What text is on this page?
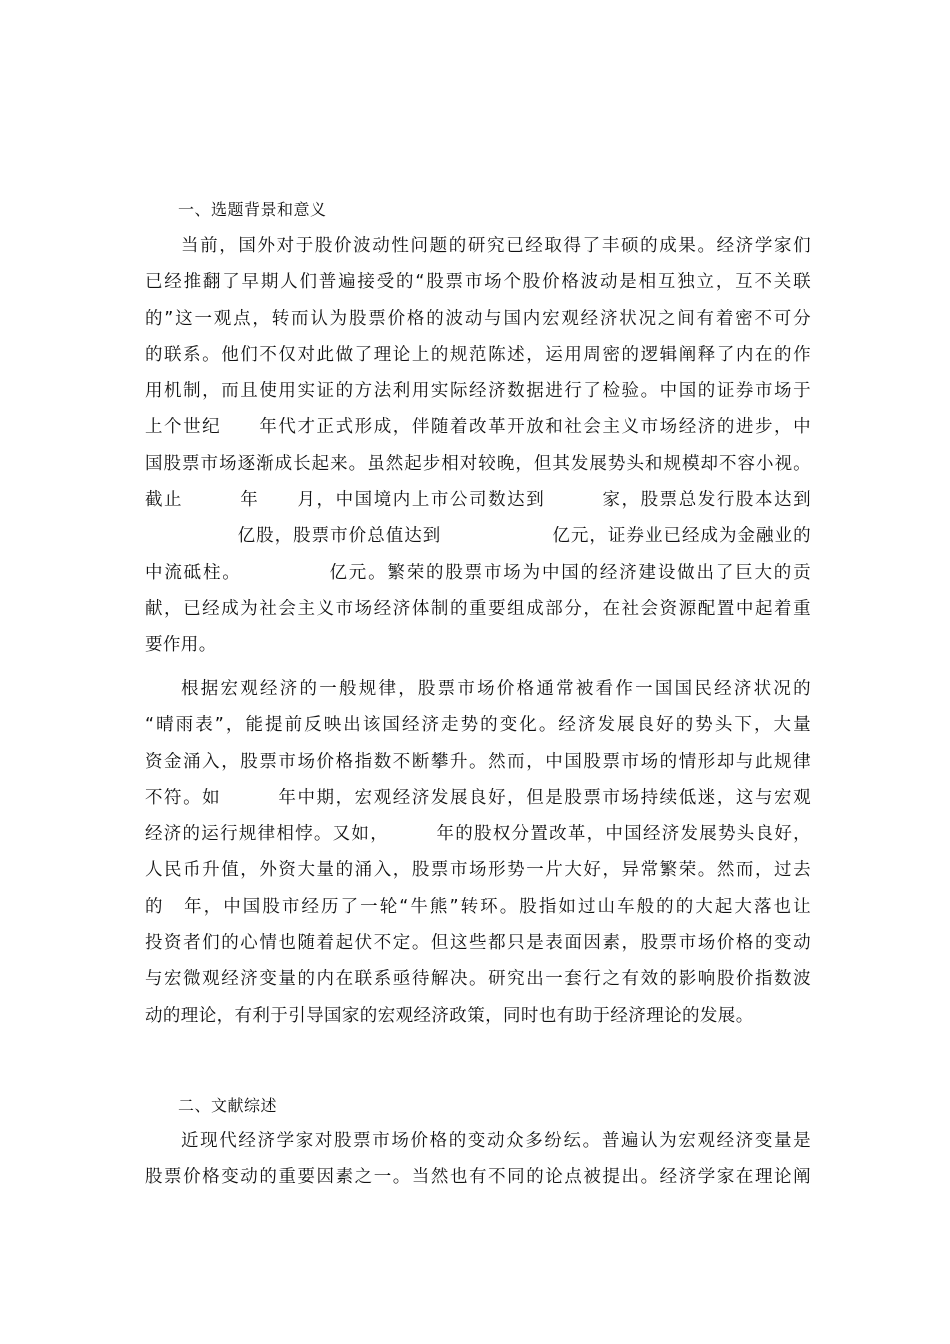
一、选题背景和意义
当前，国外对于股价波动性问题的研究已经取得了丰硕的成果。经济学家们
已经推翻了早期人们普遍接受的“股票市场个股价格波动是相互独立，互不关联
的”这一观点，转而认为股票价格的波动与国内宏观经济状况之间有着密不可分
的联系。他们不仅对此做了理论上的规范陈述，运用周密的逻辑阐释了内在的作
用机制，而且使用实证的方法利用实际经济数据进行了检验。中国的证券市场于
上个世纪　　年代才正式形成，伴随着改革开放和社会主义市场经济的进步，中
国股票市场逐渐成长起来。虽然起步相对较晚，但其发展势头和规模却不容小视。
截止　　　年　　月，中国境内上市公司数达到　　　家，股票总发行股本达到
　　　　　亿股，股票市价总值达到　　　　　　亿元，证券业已经成为金融业的
中流砥柱。　　　　　亿元。繁荣的股票市场为中国的经济建设做出了巨大的贡
献，已经成为社会主义市场经济体制的重要组成部分，在社会资源配置中起着重
要作用。
根据宏观经济的一般规律，股票市场价格通常被看作一国国民经济状况的
“晴雨表”，能提前反映出该国经济走势的变化。经济发展良好的势头下，大量
资金涌入，股票市场价格指数不断攀升。然而，中国股票市场的情形却与此规律
不符。如　　　年中期，宏观经济发展良好，但是股票市场持续低迷，这与宏观
经济的运行规律相悖。又如，　　　年的股权分置改革，中国经济发展势头良好，
人民币升值，外资大量的涌入，股票市场形势一片大好，异常繁荣。然而，过去
的　年，中国股市经历了一轮“牛熊”转环。股指如过山车般的的大起大落也让
投资者们的心情也随着起伏不定。但这些都只是表面因素，股票市场价格的变动
与宏微观经济变量的内在联系亟待解决。研究出一套行之有效的影响股价指数波
动的理论，有利于引导国家的宏观经济政策，同时也有助于经济理论的发展。
二、文献综述
近现代经济学家对股票市场价格的变动众多纷纭。普遍认为宏观经济变量是
股票价格变动的重要因素之一。当然也有不同的论点被提出。经济学家在理论阐
